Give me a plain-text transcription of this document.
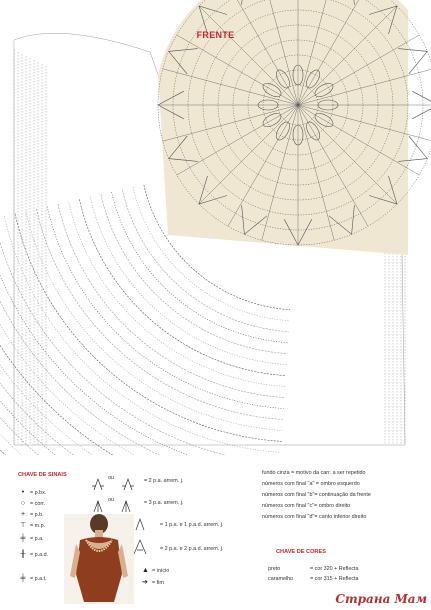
FRENTE
CHAVE DE SINAIS
• = p.bx.
○ = corr.
+ = p.b.
⊤ = m.p.
╪ = p.a.
╫ = p.a.d.
╪ = p.a.t.
ou	= 2 p.a. arrem. j.
ou	= 3 p.a. arrem. j.
= 1 p.a. e 1 p.a.d. arrem. j.
= 2 p.a. e 2 p.a.d. arrem. j.
▲ = início
➔ = fim
fundo cinza = motivo da carr. a ser repetido
números com final "a" = ombro esquerdo
números com final "b"= continuação da frente
números com final "c"= ombro direito
números com final "d"= canto inferior direito
CHAVE DE CORES
preto	= cor 320 + Reflecta
caramelho	= cor 315 + Reflecta
Страна Мам
